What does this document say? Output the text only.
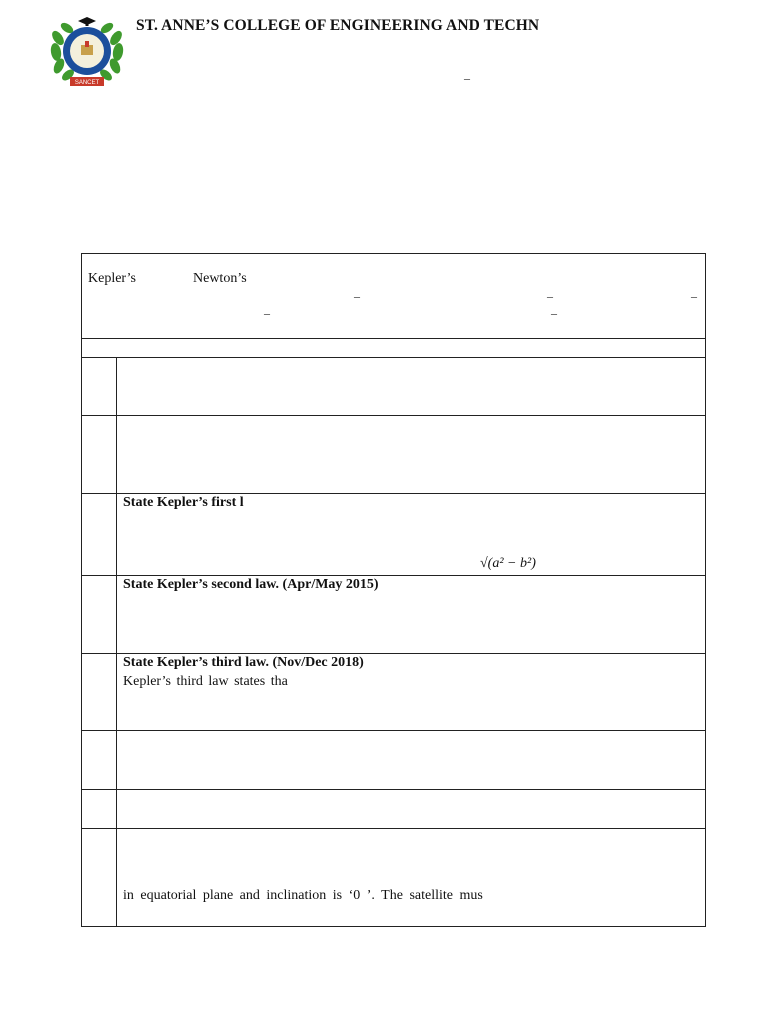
SANCET
ST. ANNE’S COLLEGE OF ENGINEERING AND TECHN
–
Kepler’s	Newton’s
–	–	–
–	–
State Kepler’s first l
√(a² − b²)
State Kepler’s second law. (Apr/May 2015)
State Kepler’s third law. (Nov/Dec 2018)
Kepler’s third law states tha
in equatorial plane and inclination is ‘0 ’. The satellite mus
